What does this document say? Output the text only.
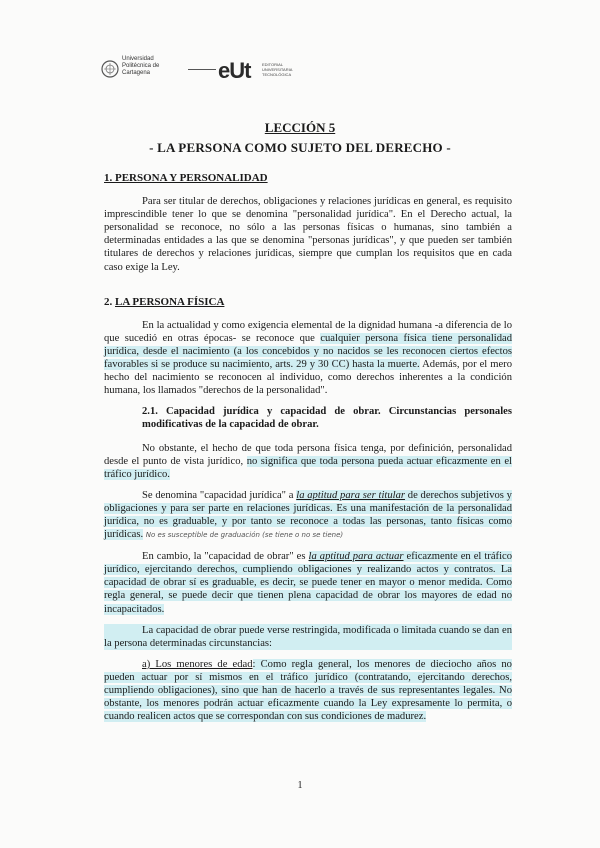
Universidad Politécnica de Cartagena	eUt	EDITORIAL UNIVERSITARIA TECNOLÓGICA
LECCIÓN 5
- LA PERSONA COMO SUJETO DEL DERECHO -
1. PERSONA Y PERSONALIDAD

Para ser titular de derechos, obligaciones y relaciones jurídicas en general, es requisito imprescindible tener lo que se denomina "personalidad jurídica". En el Derecho actual, la personalidad se reconoce, no sólo a las personas físicas o humanas, sino también a determinadas entidades a las que se denomina "personas jurídicas", y que pueden ser también titulares de derechos y relaciones jurídicas, siempre que cumplan los requisitos que en cada caso exige la Ley.

2. LA PERSONA FÍSICA

En la actualidad y como exigencia elemental de la dignidad humana -a diferencia de lo que sucedió en otras épocas- se reconoce que cualquier persona física tiene personalidad jurídica, desde el nacimiento (a los concebidos y no nacidos se les reconocen ciertos efectos favorables si se produce su nacimiento, arts. 29 y 30 CC) hasta la muerte. Además, por el mero hecho del nacimiento se reconocen al individuo, como derechos inherentes a la condición humana, los llamados "derechos de la personalidad".

2.1. Capacidad jurídica y capacidad de obrar. Circunstancias personales modificativas de la capacidad de obrar.

No obstante, el hecho de que toda persona física tenga, por definición, personalidad desde el punto de vista jurídico, no significa que toda persona pueda actuar eficazmente en el tráfico jurídico.

Se denomina "capacidad jurídica" a la aptitud para ser titular de derechos subjetivos y obligaciones y para ser parte en relaciones jurídicas. Es una manifestación de la personalidad jurídica, no es graduable, y por tanto se reconoce a todas las personas, tanto físicas como jurídicas. No es susceptible de graduación (se tiene o no se tiene)

En cambio, la "capacidad de obrar" es la aptitud para actuar eficazmente en el tráfico jurídico, ejercitando derechos, cumpliendo obligaciones y realizando actos y contratos. La capacidad de obrar sí es graduable, es decir, se puede tener en mayor o menor medida. Como regla general, se puede decir que tienen plena capacidad de obrar los mayores de edad no incapacitados.

La capacidad de obrar puede verse restringida, modificada o limitada cuando se dan en la persona determinadas circunstancias:

a) Los menores de edad: Como regla general, los menores de dieciocho años no pueden actuar por sí mismos en el tráfico jurídico (contratando, ejercitando derechos, cumpliendo obligaciones), sino que han de hacerlo a través de sus representantes legales. No obstante, los menores podrán actuar eficazmente cuando la Ley expresamente lo permita, o cuando realicen actos que se correspondan con sus condiciones de madurez.

1
